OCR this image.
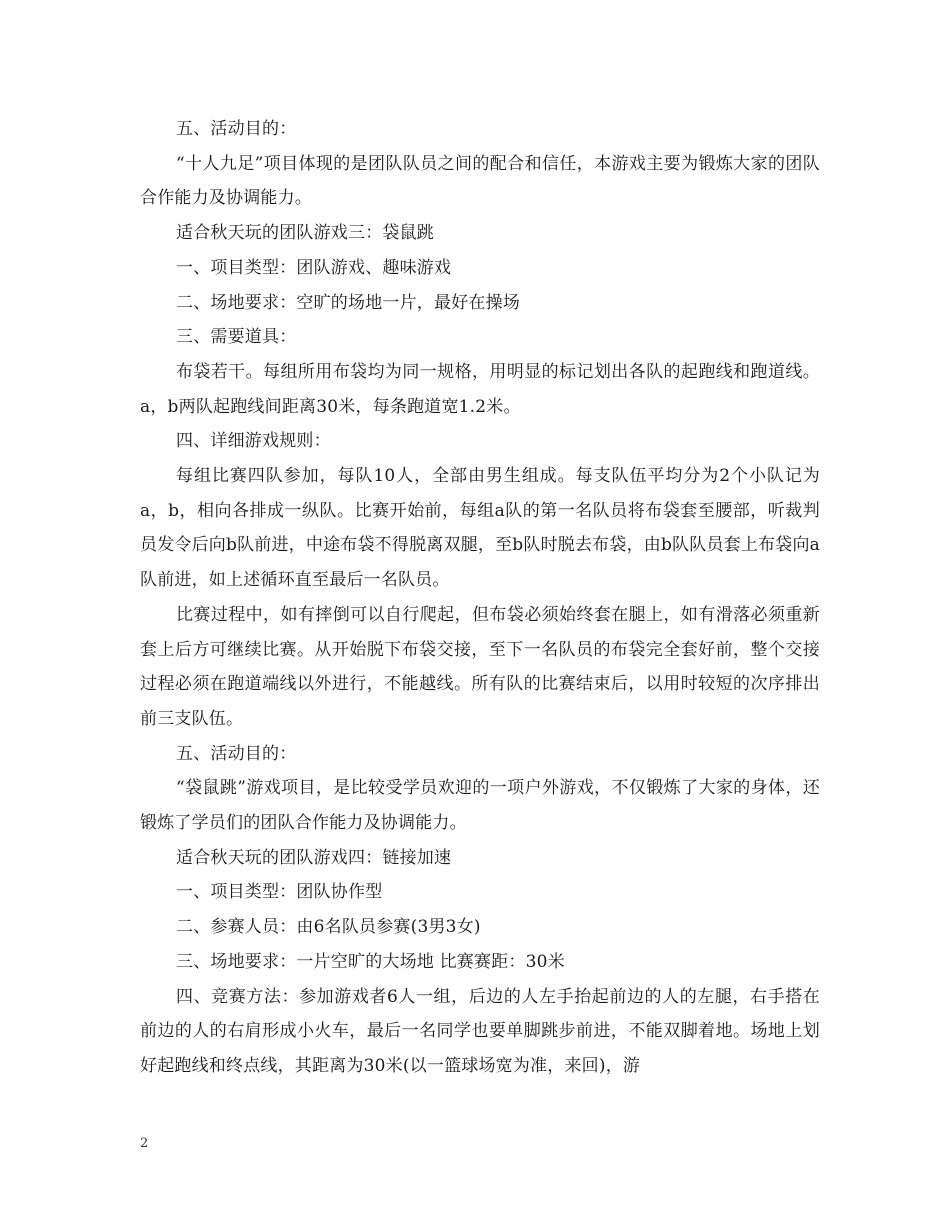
五、活动目的：

“十人九足”项目体现的是团队队员之间的配合和信任，本游戏主要为锻炼大家的团队合作能力及协调能力。

适合秋天玩的团队游戏三：袋鼠跳

一、项目类型：团队游戏、趣味游戏

二、场地要求：空旷的场地一片，最好在操场

三、需要道具：

布袋若干。每组所用布袋均为同一规格，用明显的标记划出各队的起跑线和跑道线。a，b两队起跑线间距离30米，每条跑道宽1.2米。

四、详细游戏规则：

每组比赛四队参加，每队10人，全部由男生组成。每支队伍平均分为2个小队记为a，b，相向各排成一纵队。比赛开始前，每组a队的第一名队员将布袋套至腰部，听裁判员发令后向b队前进，中途布袋不得脱离双腿，至b队时脱去布袋，由b队队员套上布袋向a队前进，如上述循环直至最后一名队员。

比赛过程中，如有摔倒可以自行爬起，但布袋必须始终套在腿上，如有滑落必须重新套上后方可继续比赛。从开始脱下布袋交接，至下一名队员的布袋完全套好前，整个交接过程必须在跑道端线以外进行，不能越线。所有队的比赛结束后，以用时较短的次序排出前三支队伍。

五、活动目的：

“袋鼠跳”游戏项目，是比较受学员欢迎的一项户外游戏，不仅锻炼了大家的身体，还锻炼了学员们的团队合作能力及协调能力。

适合秋天玩的团队游戏四：链接加速

一、项目类型：团队协作型

二、参赛人员：由6名队员参赛(3男3女)

三、场地要求：一片空旷的大场地 比赛赛距：30米

四、竞赛方法：参加游戏者6人一组，后边的人左手抬起前边的人的左腿，右手搭在前边的人的右肩形成小火车，最后一名同学也要单脚跳步前进，不能双脚着地。场地上划好起跑线和终点线，其距离为30米(以一篮球场宽为准，来回)，游

2
